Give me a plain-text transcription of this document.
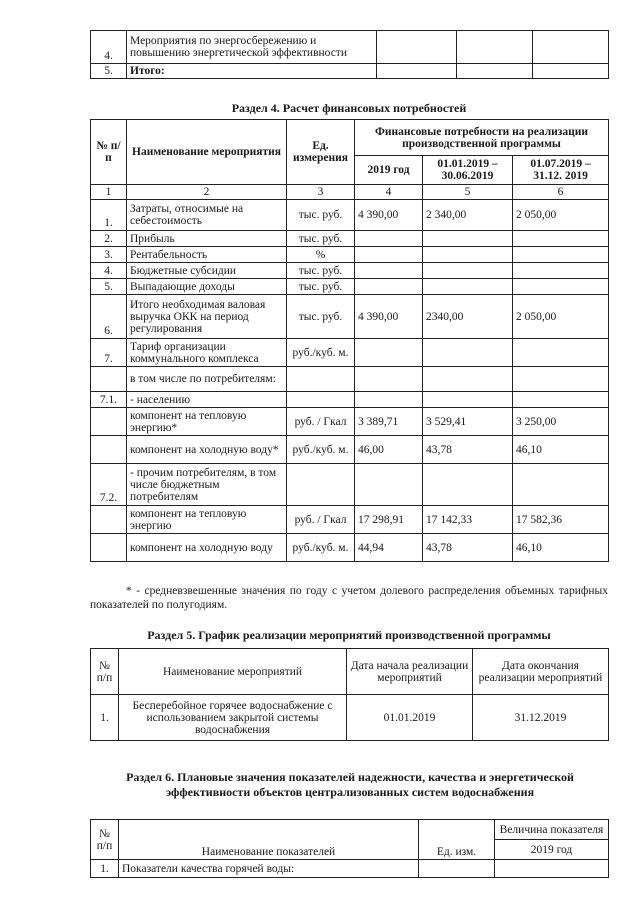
4.	Мероприятия по энергосбережению и повышению энергетической эффективности			
5.	Итого:			
Раздел 4. Расчет финансовых потребностей
№ п/п	Наименование мероприятия	Ед. измерения	Финансовые потребности на реализации производственной программы		
			2019 год	01.01.2019 – 30.06.2019	01.07.2019 – 31.12. 2019
1	2	3	4	5	6
1.	Затраты, относимые на себестоимость	тыс. руб.	4 390,00	2 340,00	2 050,00
2.	Прибыль	тыс. руб.			
3.	Рентабельность	%			
4.	Бюджетные субсидии	тыс. руб.			
5.	Выпадающие доходы	тыс. руб.			
6.	Итого необходимая валовая выручка ОКК на период регулирования	тыс. руб.	4 390,00	2340,00	2 050,00
7.	Тариф организации коммунального комплекса	руб./куб. м.			
	в том числе по потребителям:				
7.1.	- населению				
	компонент на тепловую энергию*	руб. / Гкал	3 389,71	3 529,41	3 250,00
	компонент на холодную воду*	руб./куб. м.	46,00	43,78	46,10
7.2.	- прочим потребителям, в том числе бюджетным потребителям				
	компонент на тепловую энергию	руб. / Гкал	17 298,91	17 142,33	17 582,36
	компонент на холодную воду	руб./куб. м.	44,94	43,78	46,10
* - средневзвешенные значения по году с учетом долевого распределения объемных тарифных показателей по полугодиям.
Раздел 5. График реализации мероприятий производственной программы
№ п/п	Наименование мероприятий	Дата начала реализации мероприятий	Дата окончания реализации мероприятий
1.	Бесперебойное горячее водоснабжение с использованием закрытой системы водоснабжения	01.01.2019	31.12.2019
Раздел 6. Плановые значения показателей надежности, качества и энергетической эффективности объектов централизованных систем водоснабжения
№ п/п	Наименование показателей	Ед. изм.	Величина показателя
			2019 год
1.	Показатели качества горячей воды:		
